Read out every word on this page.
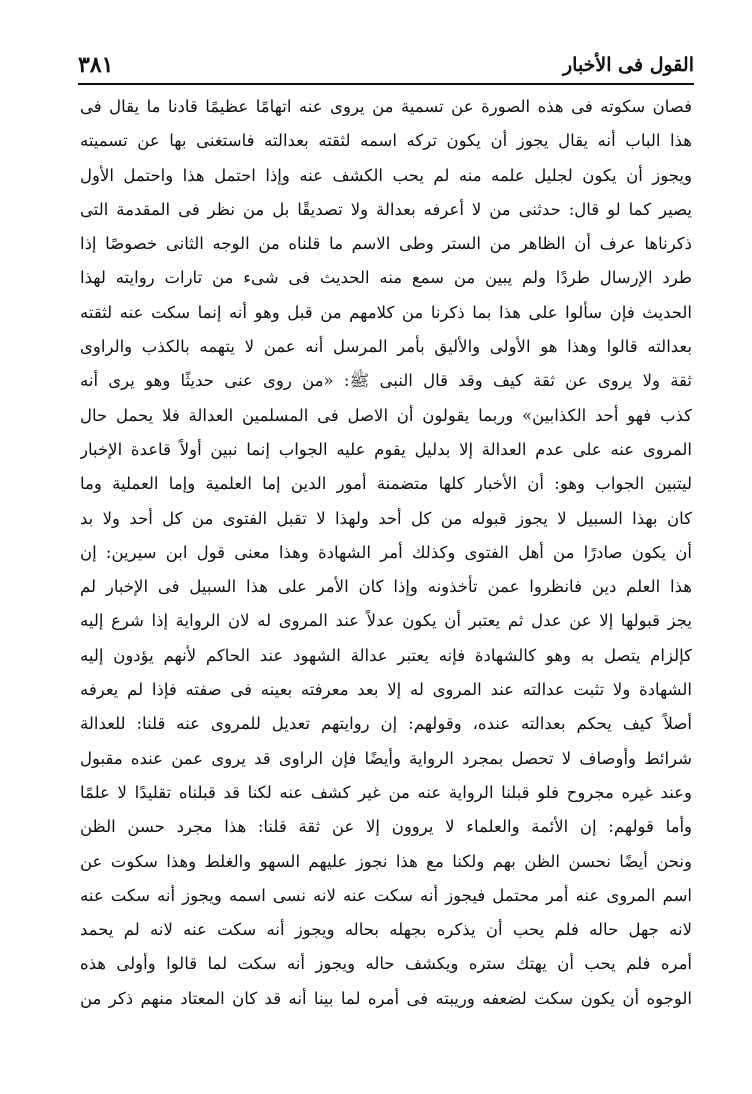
٣٨١	القول فى الأخبار
فصان سكوته فى هذه الصورة عن تسمية من يروى عنه اتهامًا عظيمًا قادنا ما يقال فى
هذا الباب أنه يقال يجوز أن يكون تركه اسمه لثقته بعدالته فاستغنى بها عن تسميته
ويجوز أن يكون لجليل علمه منه لم يحب الكشف عنه وإذا احتمل هذا واحتمل الأول
يصير كما لو قال: حدثنى من لا أعرفه بعدالة ولا تصديقًا بل من نظر فى المقدمة التى
ذكرناها عرف أن الظاهر من الستر وطى الاسم ما قلناه من الوجه الثانى خصوصًا إذا
طرد الإرسال طردًا ولم يبين من سمع منه الحديث فى شىء من تارات روايته لهذا
الحديث فإن سألوا على هذا بما ذكرنا من كلامهم من قبل وهو أنه إنما سكت عنه لثقته
بعدالته قالوا وهذا هو الأولى والأليق بأمر المرسل أنه عمن لا يتهمه بالكذب والراوى
ثقة ولا يروى عن ثقة كيف وقد قال النبى ﷺ: «من روى عنى حديثًا وهو يرى أنه
كذب فهو أحد الكذابين» وربما يقولون أن الاصل فى المسلمين العدالة فلا يحمل حال
المروى عنه على عدم العدالة إلا بدليل يقوم عليه الجواب إنما نبين أولاً قاعدة الإخبار
ليتبين الجواب وهو: أن الأخبار كلها متضمنة أمور الدين إما العلمية وإما العملية وما
كان بهذا السبيل لا يجوز قبوله من كل أحد ولهذا لا تقبل الفتوى من كل أحد ولا بد
أن يكون صادرًا من أهل الفتوى وكذلك أمر الشهادة وهذا معنى قول ابن سيرين: إن
هذا العلم دين فانظروا عمن تأخذونه وإذا كان الأمر على هذا السبيل فى الإخبار لم
يجز قبولها إلا عن عدل ثم يعتبر أن يكون عدلاً عند المروى له لان الرواية إذا شرع إليه
كإلزام يتصل به وهو كالشهادة فإنه يعتبر عدالة الشهود عند الحاكم لأنهم يؤدون إليه
الشهادة ولا تثبت عدالته عند المروى له إلا بعد معرفته بعينه فى صفته فإذا لم يعرفه
أصلاً كيف يحكم بعدالته عنده، وقولهم: إن روايتهم تعديل للمروى عنه قلنا: للعدالة
شرائط وأوصاف لا تحصل بمجرد الرواية وأيضًا فإن الراوى قد يروى عمن عنده مقبول
وعند غيره مجروح فلو قبلنا الرواية عنه من غير كشف عنه لكنا قد قبلناه تقليدًا لا علمًا
وأما قولهم: إن الأئمة والعلماء لا يروون إلا عن ثقة قلنا: هذا مجرد حسن الظن
ونحن أيضًا نحسن الظن بهم ولكنا مع هذا نجوز عليهم السهو والغلط وهذا سكوت عن
اسم المروى عنه أمر محتمل فيجوز أنه سكت عنه لانه نسى اسمه ويجوز أنه سكت عنه
لانه جهل حاله فلم يحب أن يذكره بجهله بحاله ويجوز أنه سكت عنه لانه لم يحمد
أمره فلم يحب أن يهتك ستره ويكشف حاله ويجوز أنه سكت لما قالوا وأولى هذه
الوجوه أن يكون سكت لضعفه وريبته فى أمره لما بينا أنه قد كان المعتاد منهم ذكر من
